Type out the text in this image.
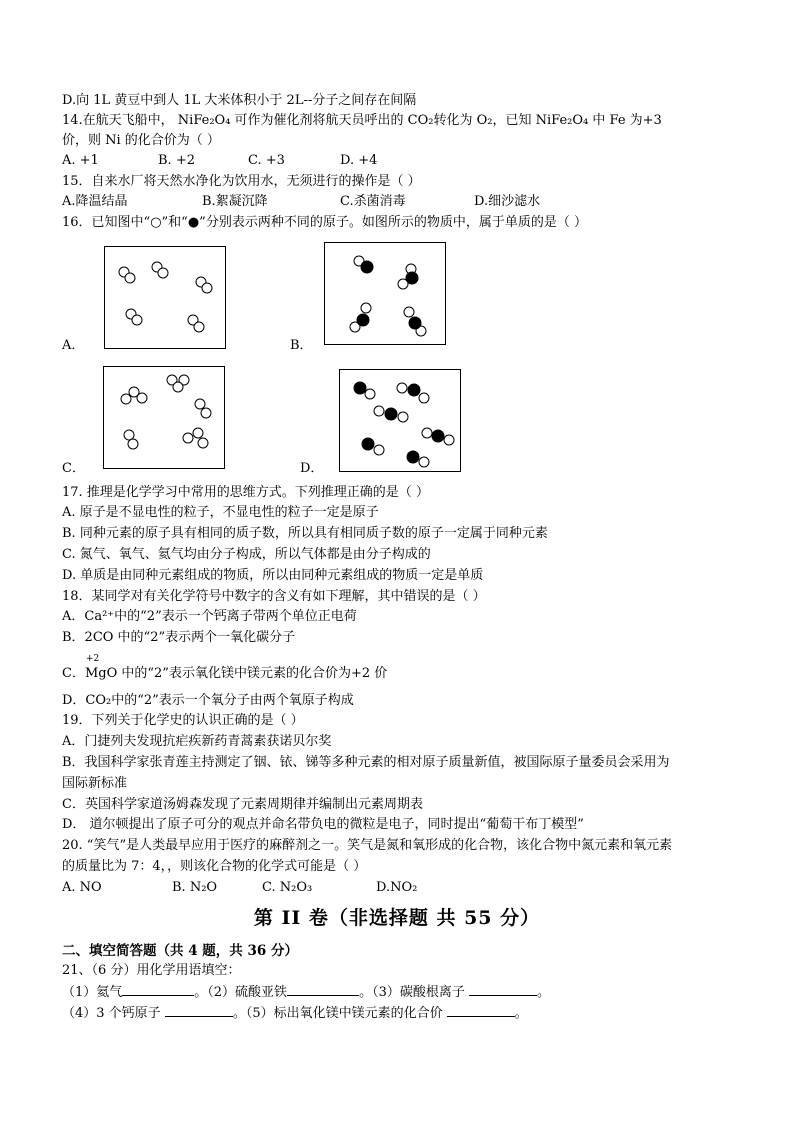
D.向 1L 黄豆中到人 1L 大米体积小于 2L--分子之间存在间隔
14.在航天飞船中， NiFe₂O₄ 可作为催化剂将航天员呼出的 CO₂转化为 O₂，已知 NiFe₂O₄ 中 Fe 为+3
价，则 Ni 的化合价为（ ）
A. +1	B. +2	C. +3	D. +4
15．自来水厂将天然水净化为饮用水，无须进行的操作是（ ）
A.降温结晶	B.絮凝沉降	C.杀菌消毒	D.细沙滤水
16．已知图中“○”和“●”分别表示两种不同的原子。如图所示的物质中，属于单质的是（ ）
A．	B．
C．	D．
17. 推理是化学学习中常用的思维方式。下列推理正确的是（ ）
A. 原子是不显电性的粒子，不显电性的粒子一定是原子
B. 同种元素的原子具有相同的质子数，所以具有相同质子数的原子一定属于同种元素
C. 氮气、氧气、氦气均由分子构成，所以气体都是由分子构成的
D. 单质是由同种元素组成的物质，所以由同种元素组成的物质一定是单质
18．某同学对有关化学符号中数字的含义有如下理解，其中错误的是（ ）
A．Ca²⁺中的“2”表示一个钙离子带两个单位正电荷
B．2CO 中的“2”表示两个一氧化碳分子
C．
+2
MgO 中的“2”表示氧化镁中镁元素的化合价为+2 价
D．CO₂中的“2”表示一个氧分子由两个氧原子构成
19．下列关于化学史的认识正确的是（ ）
A．门捷列夫发现抗疟疾新药青蒿素获诺贝尔奖
B．我国科学家张青莲主持测定了铟、铱、锑等多种元素的相对原子质量新值，被国际原子量委员会采用为
国际新标准
C．英国科学家道汤姆森发现了元素周期律并编制出元素周期表
D． 道尔顿提出了原子可分的观点并命名带负电的微粒是电子，同时提出“葡萄干布丁模型”
20. “笑气”是人类最早应用于医疗的麻醉剂之一。笑气是氮和氧形成的化合物，该化合物中氮元素和氧元素
的质量比为 7：4，，则该化合物的化学式可能是（ ）
A. NO	B. N₂O	C. N₂O₃	D.NO₂
第 II 卷（非选择题 共 55 分）
二、填空简答题（共 4 题，共 36 分）
21、（6 分）用化学用语填空：
（1）氦气	。（2）硫酸亚铁	。（3）碳酸根离子	。
（4）3 个钙原子	。（5）标出氧化镁中镁元素的化合价	。
